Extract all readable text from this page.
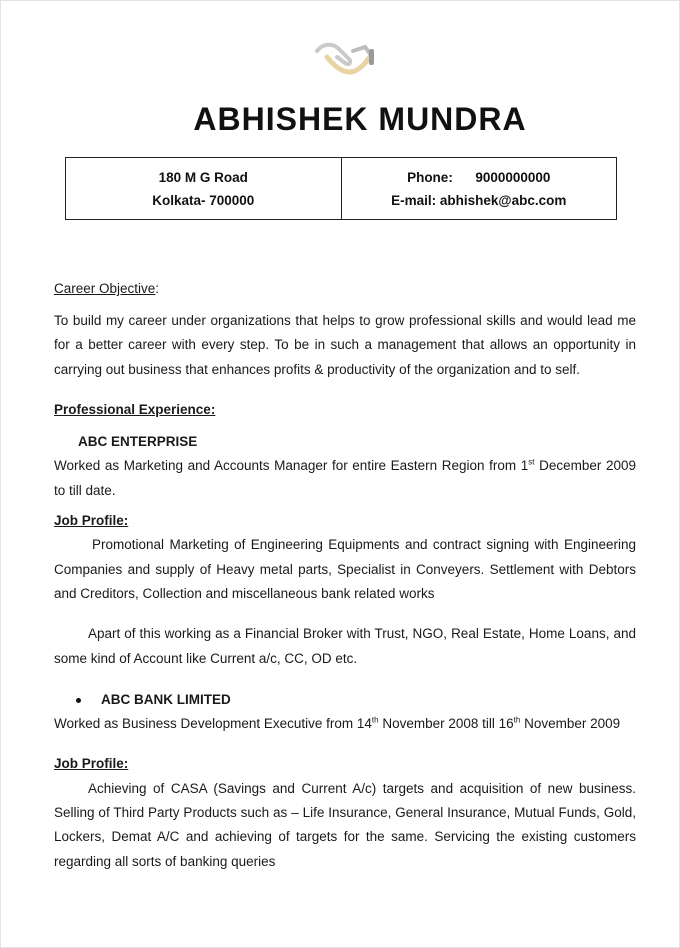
ABHISHEK MUNDRA
180 M G Road
Kolkata- 700000
Phone: 9000000000
E-mail: abhishek@abc.com
Career Objective:

To build my career under organizations that helps to grow professional skills and would lead me for a better career with every step. To be in such a management that allows an opportunity in carrying out business that enhances profits & productivity of the organization and to self.

Professional Experience:
ABC ENTERPRISE

Worked as Marketing and Accounts Manager for entire Eastern Region from 1st December 2009 to till date.

Job Profile:

Promotional Marketing of Engineering Equipments and contract signing with Engineering Companies and supply of Heavy metal parts, Specialist in Conveyers. Settlement with Debtors and Creditors, Collection and miscellaneous bank related works

Apart of this working as a Financial Broker with Trust, NGO, Real Estate, Home Loans, and some kind of Account like Current a/c, CC, OD etc.

ABC BANK LIMITED

Worked as Business Development Executive from 14th November 2008 till 16th November 2009

Job Profile:

Achieving of CASA (Savings and Current A/c) targets and acquisition of new business. Selling of Third Party Products such as – Life Insurance, General Insurance, Mutual Funds, Gold, Lockers, Demat A/C and achieving of targets for the same. Servicing the existing customers regarding all sorts of banking queries
